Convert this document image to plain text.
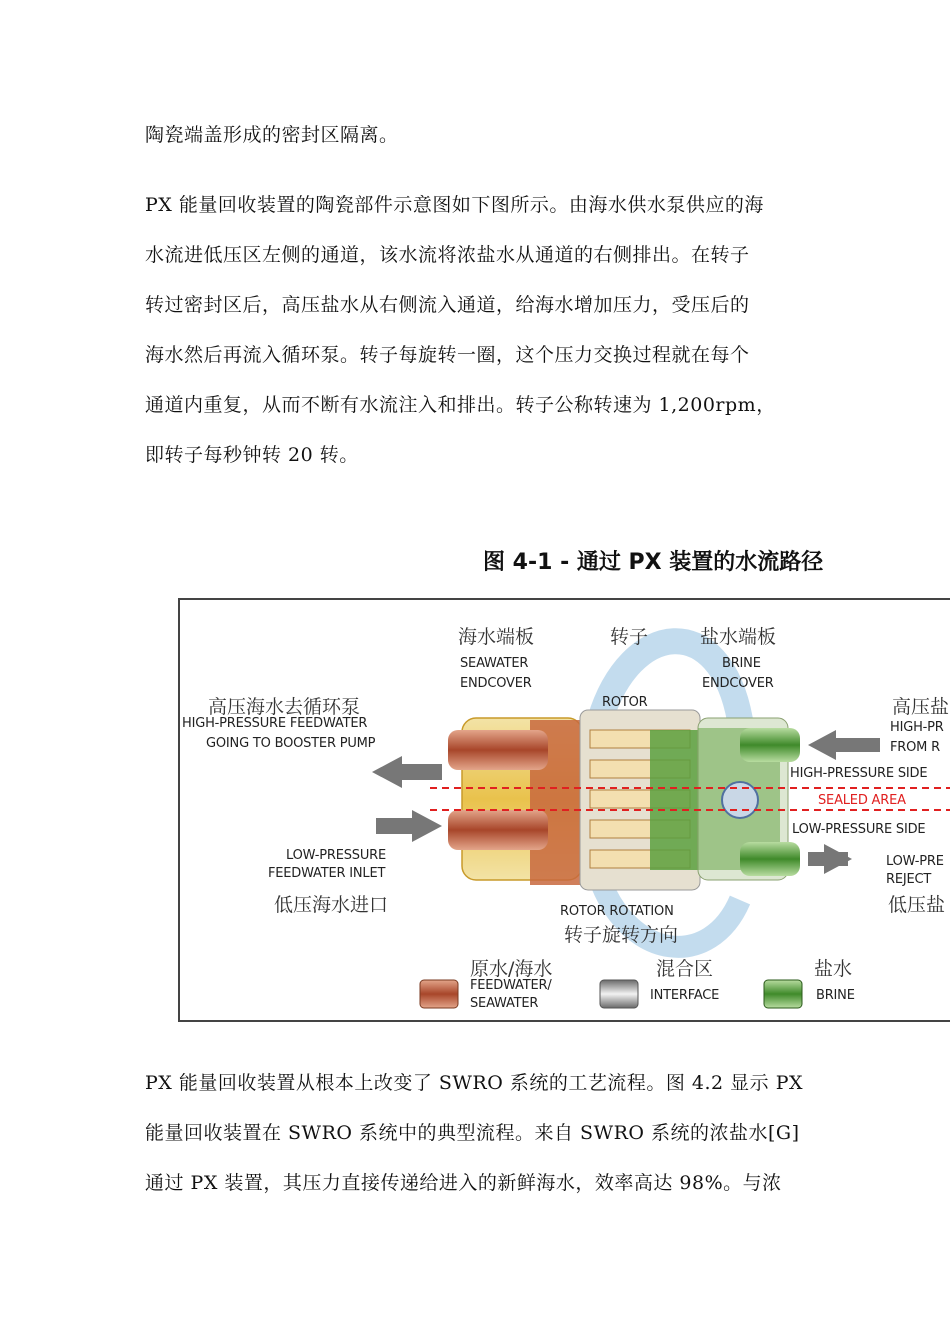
陶瓷端盖形成的密封区隔离。
PX 能量回收装置的陶瓷部件示意图如下图所示。由海水供水泵供应的海
水流进低压区左侧的通道，该水流将浓盐水从通道的右侧排出。在转子
转过密封区后，高压盐水从右侧流入通道，给海水增加压力，受压后的
海水然后再流入循环泵。转子每旋转一圈，这个压力交换过程就在每个
通道内重复，从而不断有水流注入和排出。转子公称转速为 1,200rpm，
即转子每秒钟转 20 转。
图 4-1 - 通过 PX 装置的水流路径
海水端板
SEAWATER
ENDCOVER
转子
ROTOR
盐水端板
BRINE
ENDCOVER
高压海水去循环泵
HIGH-PRESSURE FEEDWATER
GOING TO BOOSTER PUMP
LOW-PRESSURE
FEEDWATER INLET
低压海水进口
高压盐
HIGH-PR
FROM R
HIGH-PRESSURE SIDE
SEALED AREA
LOW-PRESSURE SIDE
LOW-PRE
REJECT
低压盐
ROTOR ROTATION
转子旋转方向
原水/海水
FEEDWATER/
SEAWATER
混合区
INTERFACE
盐水
BRINE
PX 能量回收装置从根本上改变了 SWRO 系统的工艺流程。图 4.2 显示 PX
能量回收装置在 SWRO 系统中的典型流程。来自 SWRO 系统的浓盐水[G]
通过 PX 装置，其压力直接传递给进入的新鲜海水，效率高达 98%。与浓
